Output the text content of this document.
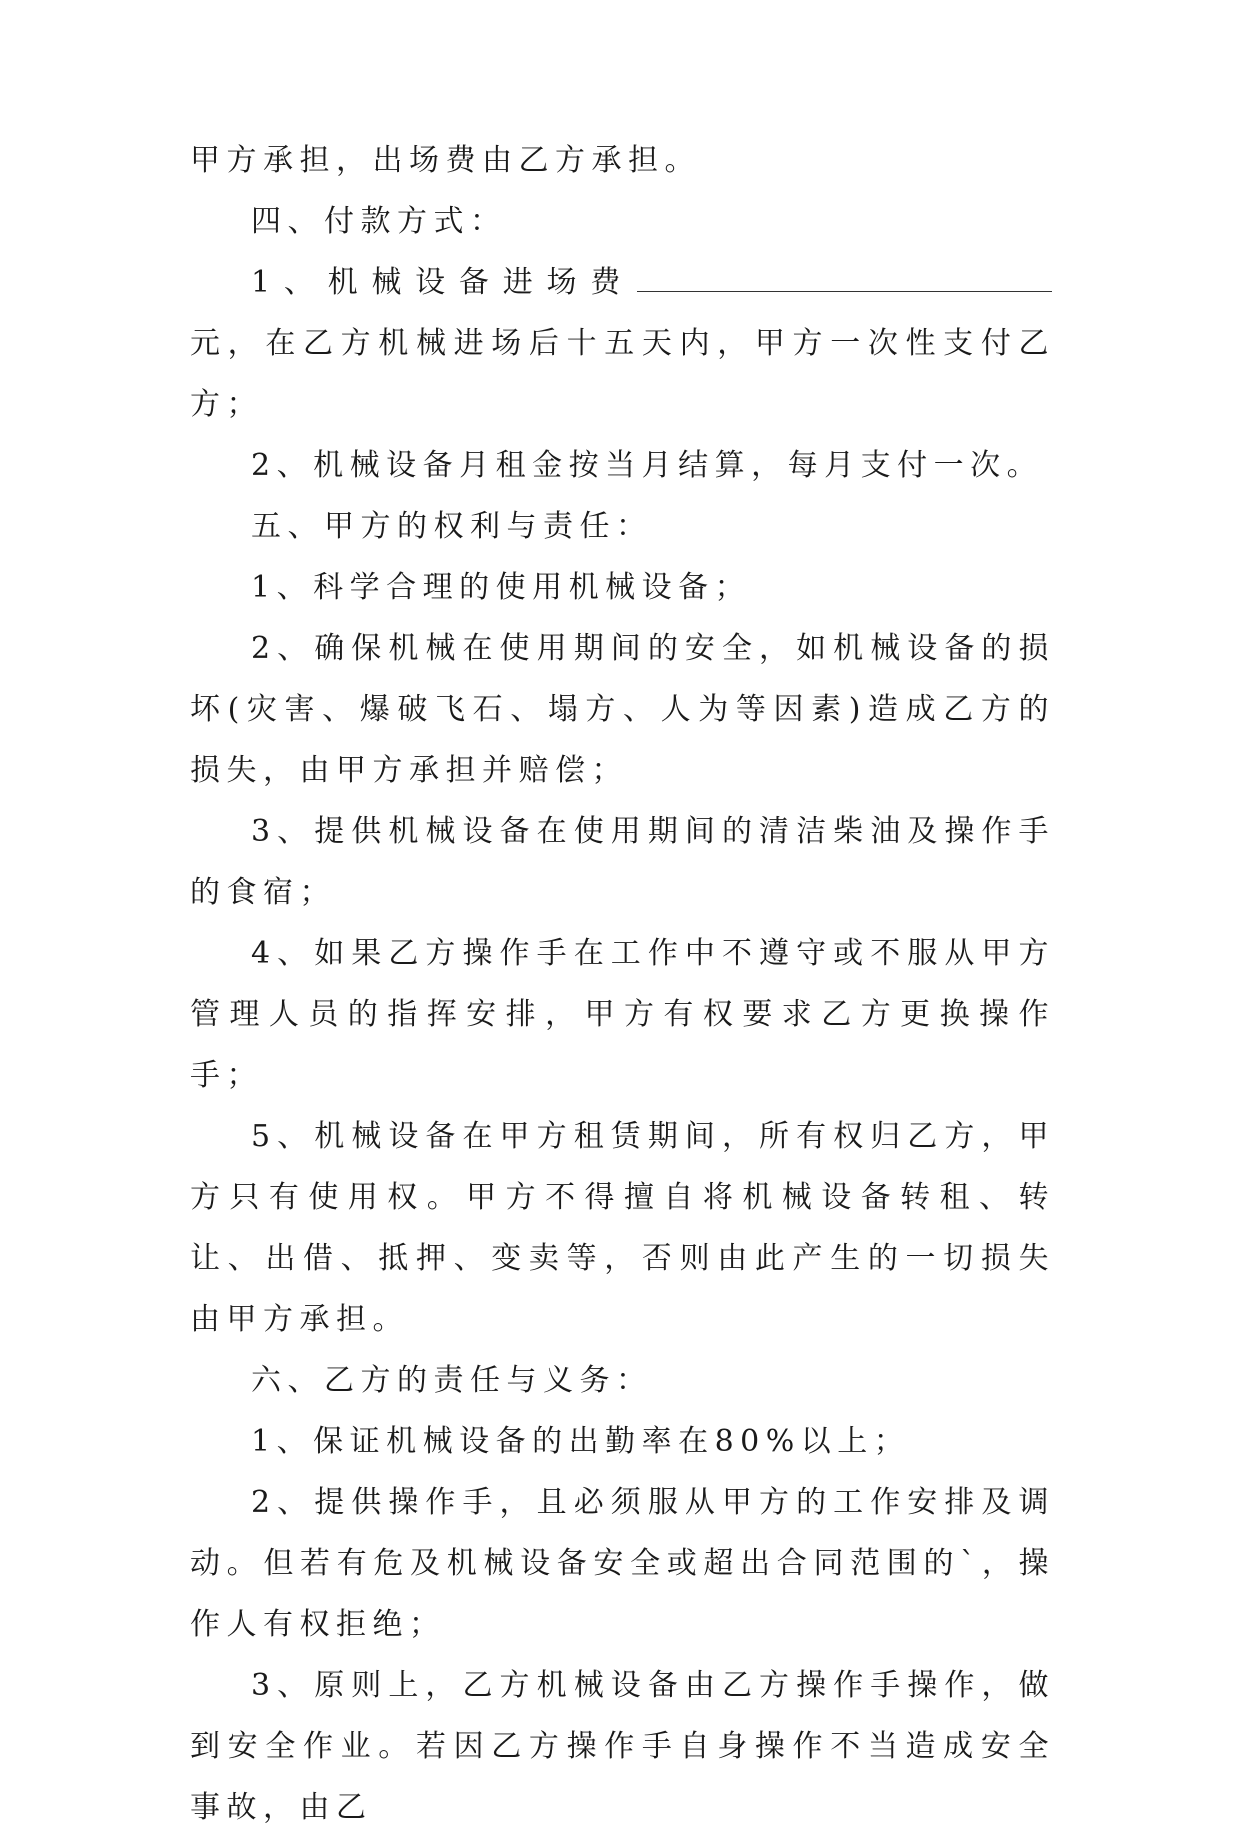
甲方承担，出场费由乙方承担。

四、付款方式：

1、机械设备进场费元，在乙方机械进场后十五天内，甲方一次性支付乙方；

2、机械设备月租金按当月结算，每月支付一次。

五、甲方的权利与责任：

1、科学合理的使用机械设备；

2、确保机械在使用期间的安全，如机械设备的损坏(灾害、爆破飞石、塌方、人为等因素)造成乙方的损失，由甲方承担并赔偿；

3、提供机械设备在使用期间的清洁柴油及操作手的食宿；

4、如果乙方操作手在工作中不遵守或不服从甲方管理人员的指挥安排，甲方有权要求乙方更换操作手；

5、机械设备在甲方租赁期间，所有权归乙方，甲方只有使用权。甲方不得擅自将机械设备转租、转让、出借、抵押、变卖等，否则由此产生的一切损失由甲方承担。

六、乙方的责任与义务：

1、保证机械设备的出勤率在80%以上；

2、提供操作手，且必须服从甲方的工作安排及调动。但若有危及机械设备安全或超出合同范围的`，操作人有权拒绝；

3、原则上，乙方机械设备由乙方操作手操作，做到安全作业。若因乙方操作手自身操作不当造成安全事故，由乙
